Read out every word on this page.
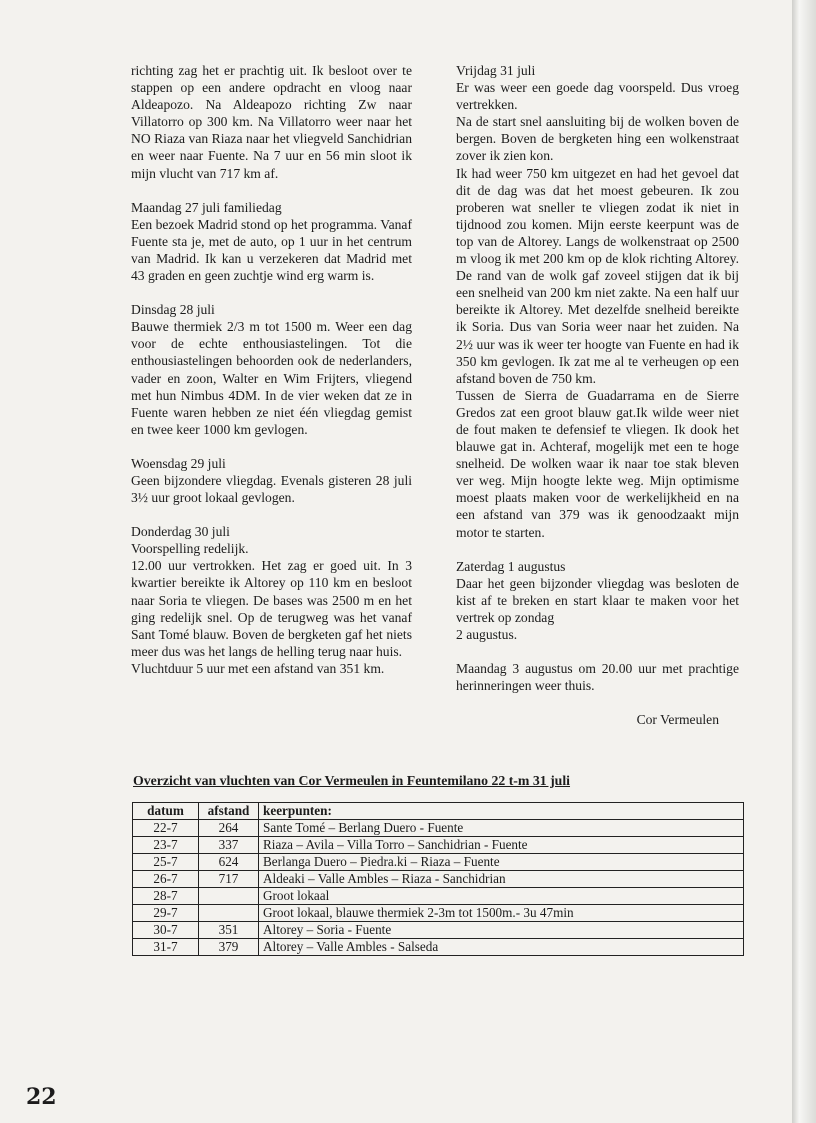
richting zag het er prachtig uit. Ik besloot over te stappen op een andere opdracht en vloog naar Aldeapozo. Na Aldeapozo richting Zw naar Villatorro op 300 km. Na Villatorro weer naar het NO Riaza van Riaza naar het vliegveld Sanchidrian en weer naar Fuente. Na 7 uur en 56 min sloot ik mijn vlucht van 717 km af.

Maandag 27 juli familiedag

Een bezoek Madrid stond op het programma. Vanaf Fuente sta je, met de auto, op 1 uur in het centrum van Madrid. Ik kan u verzekeren dat Madrid met 43 graden en geen zuchtje wind erg warm is.

Dinsdag 28 juli

Bauwe thermiek 2/3 m tot 1500 m. Weer een dag voor de echte enthousiastelingen. Tot die enthousiastelingen behoorden ook de nederlanders, vader en zoon, Walter en Wim Frijters, vliegend met hun Nimbus 4DM. In de vier weken dat ze in Fuente waren hebben ze niet één vliegdag gemist en twee keer 1000 km gevlogen.

Woensdag 29 juli

Geen bijzondere vliegdag. Evenals gisteren 28 juli 3½ uur groot lokaal gevlogen.

Donderdag 30 juli

Voorspelling redelijk.

12.00 uur vertrokken. Het zag er goed uit. In 3 kwartier bereikte ik Altorey op 110 km en besloot naar Soria te vliegen. De bases was 2500 m en het ging redelijk snel. Op de terugweg was het vanaf Sant Tomé blauw. Boven de bergketen gaf het niets meer dus was het langs de helling terug naar huis.

Vluchtduur 5 uur met een afstand van 351 km.

Vrijdag 31 juli

Er was weer een goede dag voorspeld. Dus vroeg vertrekken.

Na de start snel aansluiting bij de wolken boven de bergen. Boven de bergketen hing een wolkenstraat zover ik zien kon.

Ik had weer 750 km uitgezet en had het gevoel dat dit de dag was dat het moest gebeuren. Ik zou proberen wat sneller te vliegen zodat ik niet in tijdnood zou komen. Mijn eerste keerpunt was de top van de Altorey. Langs de wolkenstraat op 2500 m vloog ik met 200 km op de klok richting Altorey. De rand van de wolk gaf zoveel stijgen dat ik bij een snelheid van 200 km niet zakte. Na een half uur bereikte ik Altorey. Met dezelfde snelheid bereikte ik Soria. Dus van Soria weer naar het zuiden. Na 2½ uur was ik weer ter hoogte van Fuente en had ik 350 km gevlogen. Ik zat me al te verheugen op een afstand boven de 750 km.

Tussen de Sierra de Guadarrama en de Sierre Gredos zat een groot blauw gat.Ik wilde weer niet de fout maken te defensief te vliegen. Ik dook het blauwe gat in. Achteraf, mogelijk met een te hoge snelheid. De wolken waar ik naar toe stak bleven ver weg. Mijn hoogte lekte weg. Mijn optimisme moest plaats maken voor de werkelijkheid en na een afstand van 379 was ik genoodzaakt mijn motor te starten.

Zaterdag 1 augustus

Daar het geen bijzonder vliegdag was besloten de kist af te breken en start klaar te maken voor het vertrek op zondag

2 augustus.

Maandag 3 augustus om 20.00 uur met prachtige herinneringen weer thuis.

Cor Vermeulen

Overzicht van vluchten van Cor Vermeulen in Feuntemilano 22 t-m 31 juli
datum	afstand	keerpunten:
22-7	264	Sante Tomé – Berlang Duero - Fuente
23-7	337	Riaza – Avila – Villa Torro – Sanchidrian - Fuente
25-7	624	Berlanga Duero – Piedra.ki – Riaza – Fuente
26-7	717	Aldeaki – Valle Ambles – Riaza - Sanchidrian
28-7		Groot lokaal
29-7		Groot lokaal, blauwe thermiek 2-3m tot 1500m.- 3u 47min
30-7	351	Altorey – Soria - Fuente
31-7	379	Altorey – Valle Ambles - Salseda
22
